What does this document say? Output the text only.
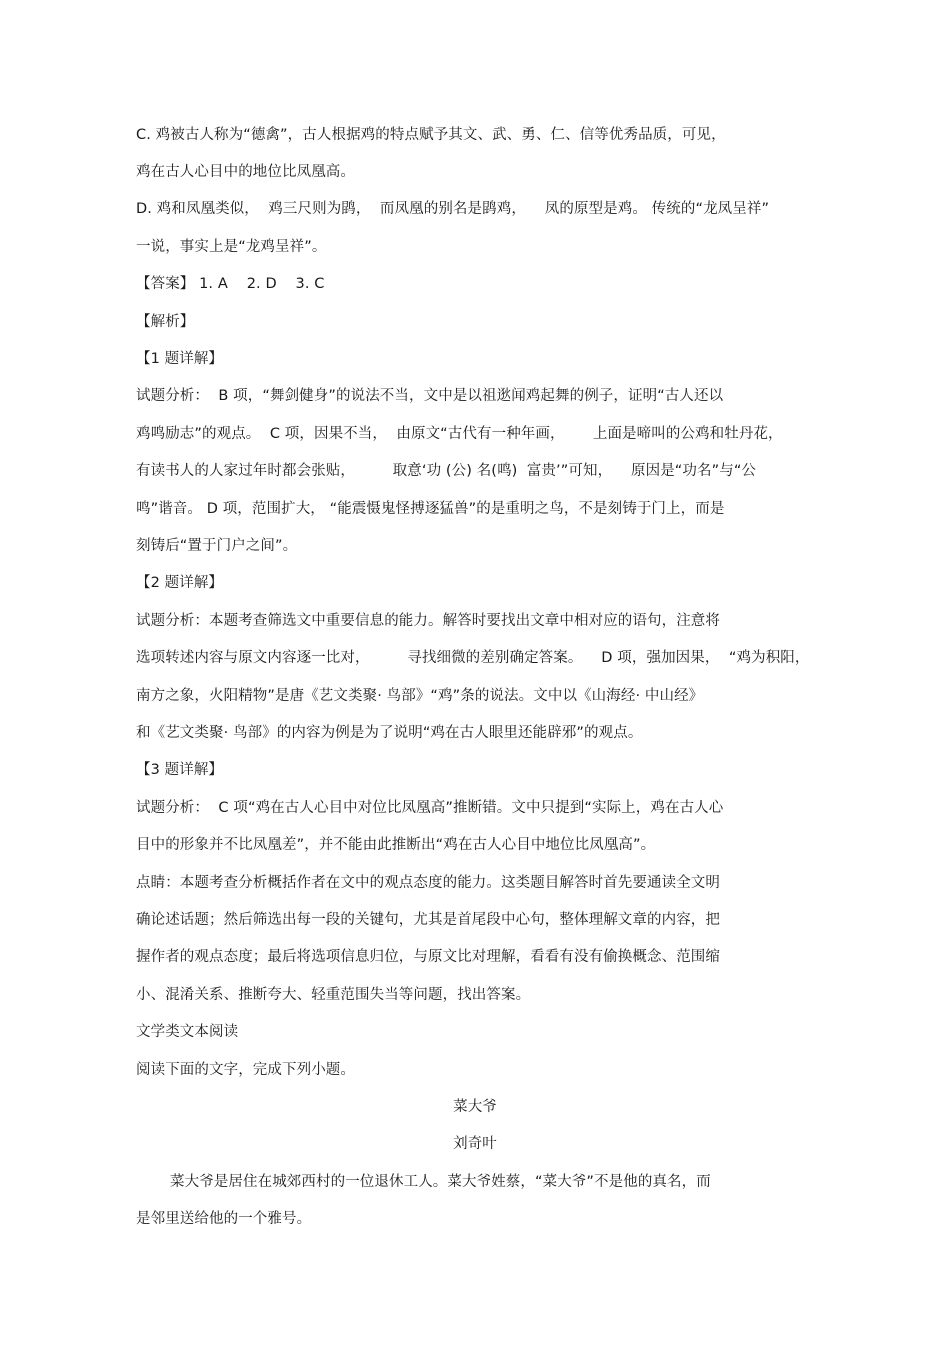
C. 鸡被古人称为“德禽”，古人根据鸡的特点赋予其文、武、勇、仁、信等优秀品质，可见，
鸡在古人心目中的地位比凤凰高。
D. 鸡和凤凰类似，  鸡三尺则为鹍，  而凤凰的别名是鹍鸡，    凤的原型是鸡。 传统的“龙凤呈祥”
一说，事实上是“龙鸡呈祥”。
【答案】 1. A    2. D    3. C
【解析】
【1 题详解】
试题分析：  B 项，“舞剑健身”的说法不当，文中是以祖逖闻鸡起舞的例子，证明“古人还以
鸡鸣励志”的观点。  C 项，因果不当，  由原文“古代有一种年画，      上面是啼叫的公鸡和牡丹花，
有读书人的人家过年时都会张贴，        取意‘功 (公) 名(鸣)  富贵’”可知，    原因是“功名”与“公
鸣”谐音。 D 项，范围扩大， “能震慑鬼怪搏逐猛兽”的是重明之鸟，不是刻铸于门上，而是
刻铸后“置于门户之间”。
【2 题详解】
试题分析：本题考查筛选文中重要信息的能力。解答时要找出文章中相对应的语句，注意将
选项转述内容与原文内容逐一比对，        寻找细微的差别确定答案。    D 项，强加因果，  “鸡为积阳，
南方之象，火阳精物”是唐《艺文类聚· 鸟部》“鸡”条的说法。文中以《山海经· 中山经》
和《艺文类聚· 鸟部》的内容为例是为了说明“鸡在古人眼里还能辟邪”的观点。
【3 题详解】
试题分析：  C 项“鸡在古人心目中对位比凤凰高”推断错。文中只提到“实际上，鸡在古人心
目中的形象并不比凤凰差”，并不能由此推断出“鸡在古人心目中地位比凤凰高”。
点睛：本题考查分析概括作者在文中的观点态度的能力。这类题目解答时首先要通读全文明
确论述话题；然后筛选出每一段的关键句，尤其是首尾段中心句，整体理解文章的内容，把
握作者的观点态度；最后将选项信息归位，与原文比对理解，看看有没有偷换概念、范围缩
小、混淆关系、推断夸大、轻重范围失当等问题，找出答案。
文学类文本阅读
阅读下面的文字，完成下列小题。
菜大爷
刘奇叶
菜大爷是居住在城郊西村的一位退休工人。菜大爷姓蔡，“菜大爷”不是他的真名，而
是邻里送给他的一个雅号。
